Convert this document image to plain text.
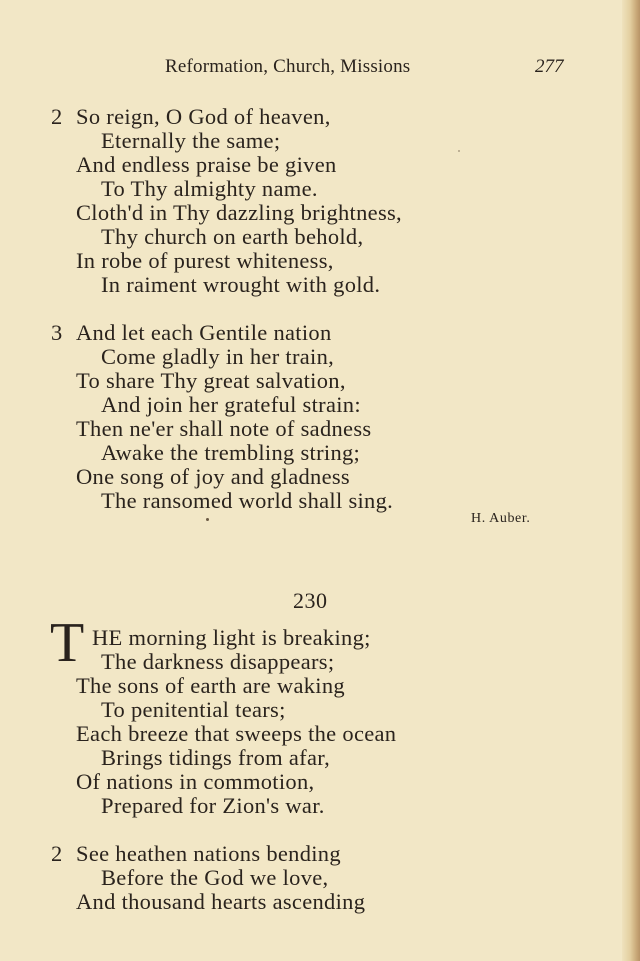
Reformation, Church, Missions	277
2 So reign, O God of heaven,
Eternally the same;
And endless praise be given
To Thy almighty name.
Cloth'd in Thy dazzling brightness,
Thy church on earth behold,
In robe of purest whiteness,
In raiment wrought with gold.
3 And let each Gentile nation
Come gladly in her train,
To share Thy great salvation,
And join her grateful strain:
Then ne'er shall note of sadness
Awake the trembling string;
One song of joy and gladness
The ransomed world shall sing.
H. Auber.
230
T HE morning light is breaking;
The darkness disappears;
The sons of earth are waking
To penitential tears;
Each breeze that sweeps the ocean
Brings tidings from afar,
Of nations in commotion,
Prepared for Zion's war.
2 See heathen nations bending
Before the God we love,
And thousand hearts ascending
